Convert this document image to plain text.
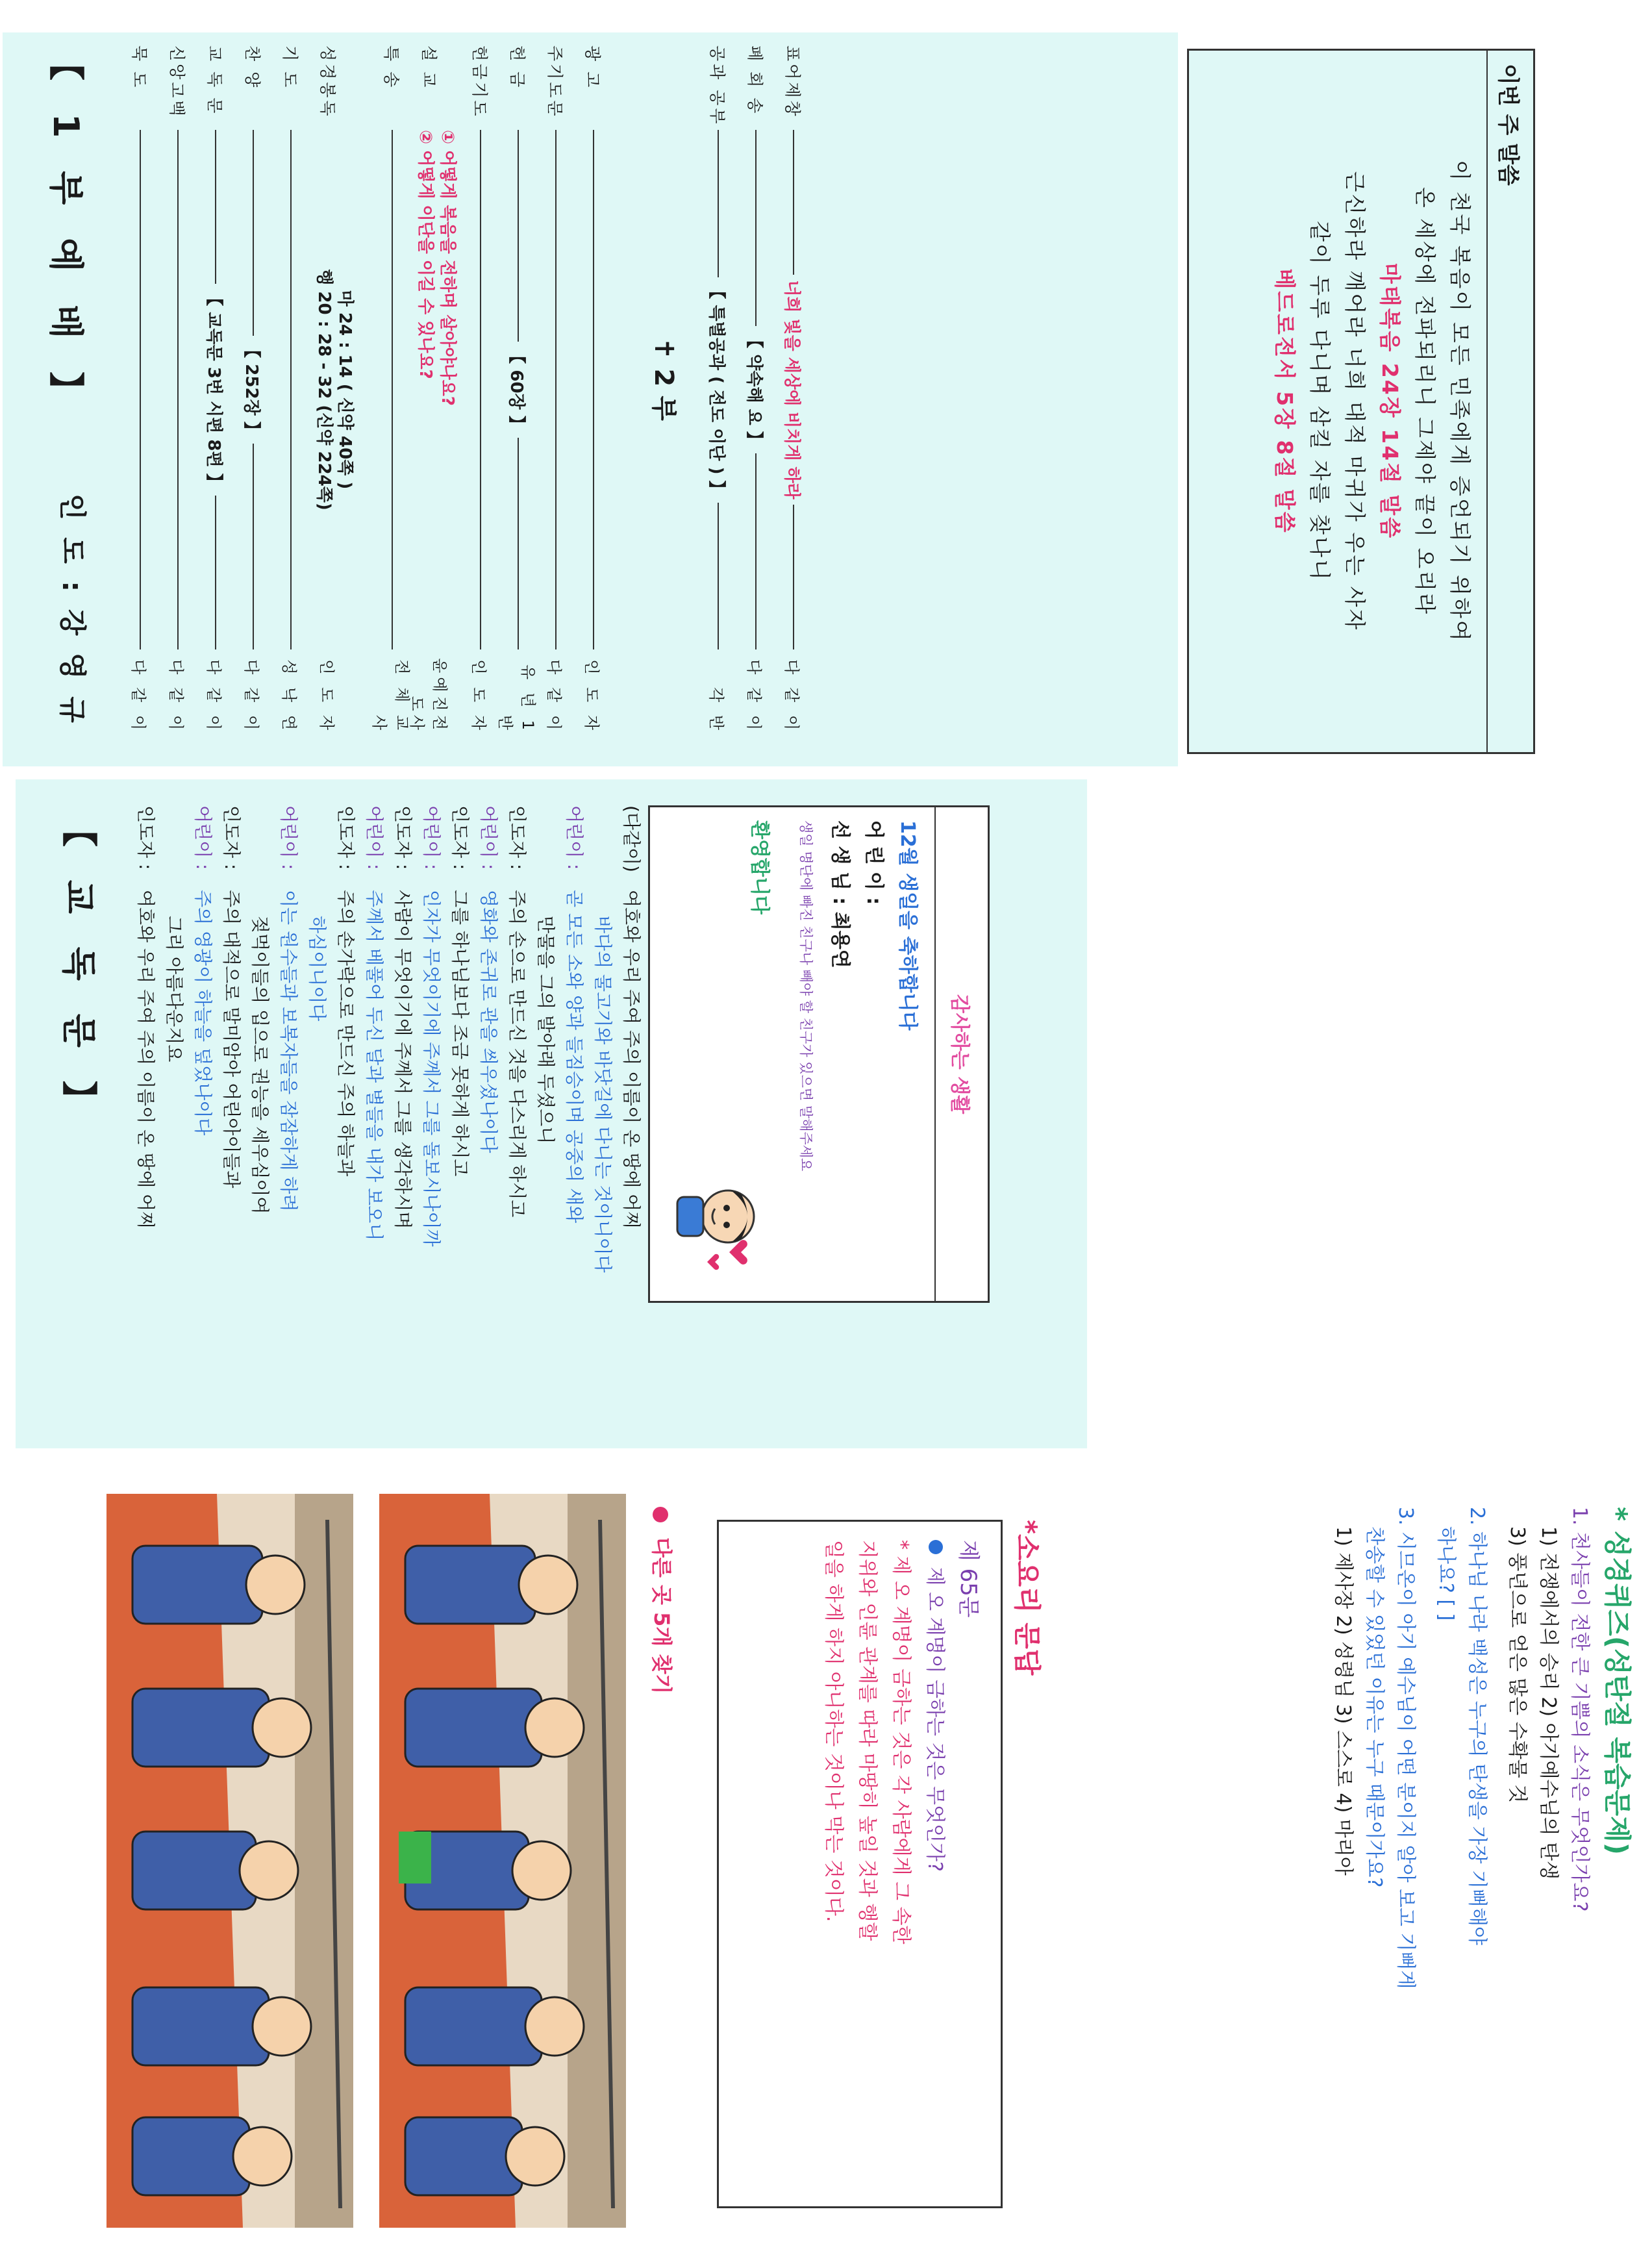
【 1 부 예 배 】
인 도 : 강 영 규
묵 도
다 같 이
신앙고백
다 같 이
교 독 문
【 교독문 3번 시편 8편 】
다 같 이
찬 양
【 252장 】
다 같 이
기 도
성 낙 연
성경봉독
마 24 : 14 ( 신약 40쪽 )
행 20 : 28 - 32 (신약 224쪽)
인 도 자
특 송
전 체 교 사
설 교
① 어떻게 복음을 전하며 살아야나요?
② 어떻게 이단을 이길 수 있나요?
윤예진전도사
헌금기도
인 도 자
헌 금
【 60장 】
유 년 1 반
주기도문
다 같 이
광 고
인 도 자
공과 공부
【 특별공과 ( 전도 이단 ) 】
각 반
폐 회 송
【 약속해 요 】
다 같 이
표어제창
너희 빛을 세상에 비치게 하라
다 같 이
✝ 2 부
이번 주 말씀
이 천국 복음이 모든 민족에게 증언되기 위하여
온 세상에 전파되리니 그제야 끝이 오리라
마태복음 24장 14절 말씀
근신하라 깨어라 너희 대적 마귀가 우는 사자
같이 두루 다니며 삼킬 자를 찾나니
베드로전서 5장 8절 말씀
【 교 독 문 】	인도자 :여호와 우리 주여 주의 이름이 온 땅에 어찌 그리 아름다운지요
어린이 :주의 영광이 하늘을 덮었나이다
인도자 :주의 대적으로 말미암아 어린아이들과 젖먹이들의 입으로 권능을 세우심이여
어린이 :이는 원수들과 보복자들을 잠잠하게 하려 하심이니이다
인도자 :주의 손가락으로 만드신 주의 하늘과
어린이 :주께서 베풀어 두신 달과 별들을 내가 보오니
인도자 :사람이 무엇이기에 주께서 그를 생각하시며
어린이 :인자가 무엇이기에 주께서 그를 돌보시나이까
인도자 :그를 하나님보다 조금 못하게 하시고
어린이 :영화와 존귀로 관을 씌우셨나이다
인도자 :주의 손으로 만드신 것을 다스리게 하시고 만물을 그의 발아래 두셨으니
어린이 :곧 모든 소와 양과 들짐승이며 공중의 새와 바다의 물고기와 바닷길에 다니는 것이니이다
(다같이)여호와 우리 주여 주의 이름이 온 땅에 어찌	감사하는 생활
12월 생일을 축하합니다
어 린 이 :
선 생 님 : 최용연
생일 명단에 빠진 친구나 빼야 할 친구가 있으면 말해주세요
환영합니다
* 성경퀴즈(성탄절 복습문제)
1. 천사들이 전한 큰 기쁨의 소식은 무엇인가요?
1) 전쟁에서의 승리 2) 아기예수님의 탄생
3) 풍년으로 얻은 많은 수확물 것
2. 하나님 나라 백성은 누구의 탄생을 가장 기뻐해야
하나요? [ ]
3. 시므온이 아기 예수님이 어떤 분이지 알아 보고 기뻐게
찬송할 수 있었던 이유는 누구 때문이가요?
1) 제사장 2) 성령님 3) 스스로 4) 마리아
*소요리 문답
제 65문
제 오 계명이 금하는 것은 무엇인가?
* 제 오 계명이 금하는 것은 각 사람에게 그 속한
지위와 인륜 관계를 따라 마땅히 높일 것과 행할
일을 하게 하지 아니하는 것이나 막는 것이다.
다른 곳 5개 찾기
